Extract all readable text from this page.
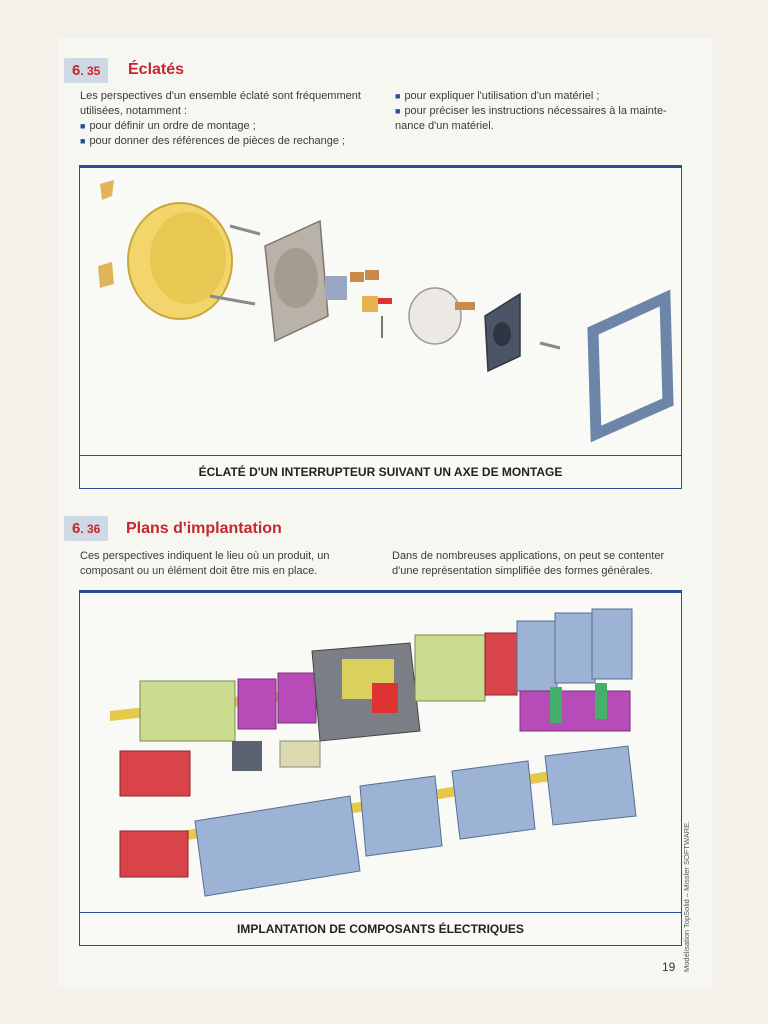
6. 35	Éclatés
Les perspectives d'un ensemble éclaté sont fréquemment
utilisées, notamment :
■ pour définir un ordre de montage ;
■ pour donner des références de pièces de rechange ;
■ pour expliquer l'utilisation d'un matériel ;
■ pour préciser les instructions nécessaires à la mainte-
nance d'un matériel.
ÉCLATÉ D'UN INTERRUPTEUR SUIVANT UN AXE DE MONTAGE
6. 36	Plans d'implantation
Ces perspectives indiquent le lieu où un produit, un
composant ou un élément doit être mis en place.
Dans de nombreuses applications, on peut se contenter
d'une représentation simplifiée des formes générales.
IMPLANTATION DE COMPOSANTS ÉLECTRIQUES	Modélisation TopSolid – Missler SOFTWARE.
19
